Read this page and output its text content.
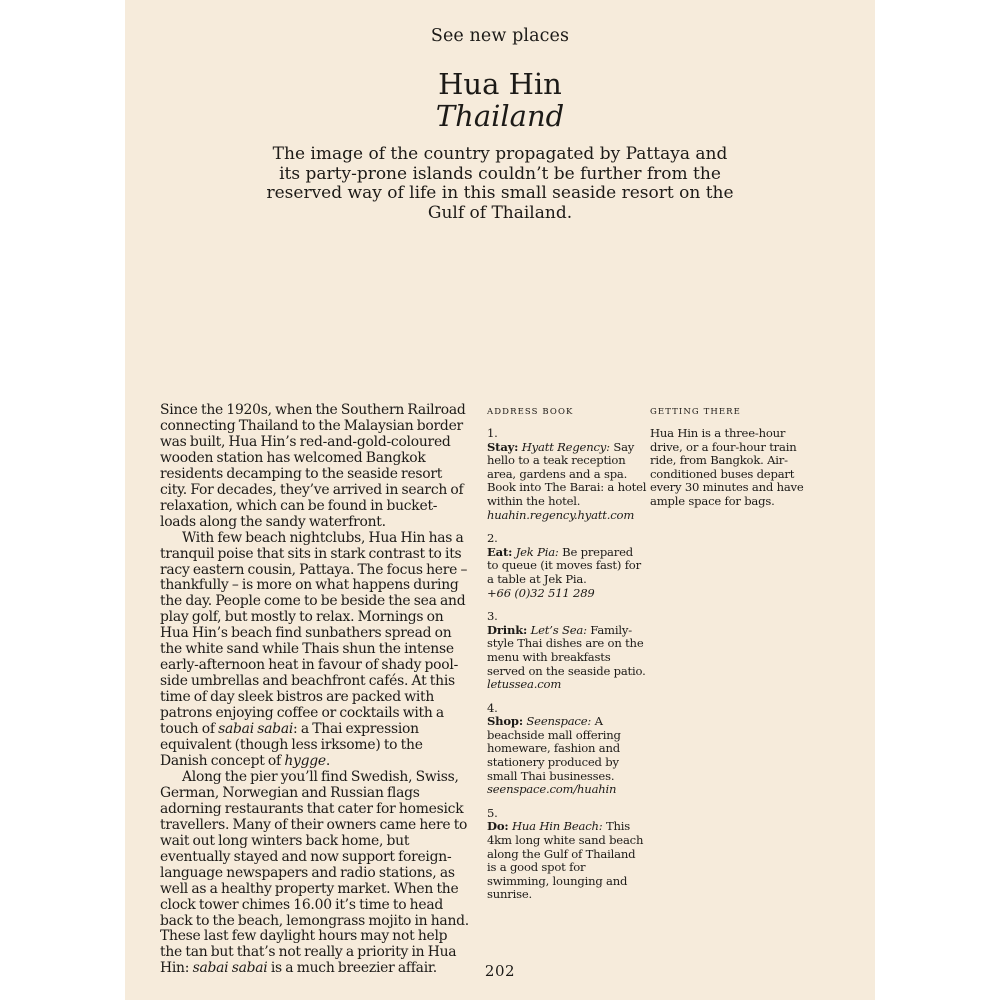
See new places
Hua Hin
Thailand
The image of the country propagated by Pattaya and its party-prone islands couldn’t be further from the reserved way of life in this small seaside resort on the Gulf of Thailand.

Since the 1920s, when the Southern Railroad connecting Thailand to the Malaysian border was built, Hua Hin’s red-and-gold-coloured wooden station has welcomed Bangkok residents decamping to the seaside resort city. For decades, they’ve arrived in search of relaxation, which can be found in bucket-loads along the sandy waterfront.

With few beach nightclubs, Hua Hin has a tranquil poise that sits in stark contrast to its racy eastern cousin, Pattaya. The focus here – thankfully – is more on what happens during the day. People come to be beside the sea and play golf, but mostly to relax. Mornings on Hua Hin’s beach find sunbathers spread on the white sand while Thais shun the intense early-afternoon heat in favour of shady pool-side umbrellas and beachfront cafés. At this time of day sleek bistros are packed with patrons enjoying coffee or cocktails with a touch of sabai sabai: a Thai expression equivalent (though less irksome) to the Danish concept of hygge.

Along the pier you’ll find Swedish, Swiss, German, Norwegian and Russian flags adorning restaurants that cater for homesick travellers. Many of their owners came here to wait out long winters back home, but eventually stayed and now support foreign-language newspapers and radio stations, as well as a healthy property market. When the clock tower chimes 16.00 it’s time to head back to the beach, lemongrass mojito in hand. These last few daylight hours may not help the tan but that’s not really a priority in Hua Hin: sabai sabai is a much breezier affair.

ADDRESS BOOK
1.
Stay: Hyatt Regency: Say hello to a teak reception area, gardens and a spa. Book into The Barai: a hotel within the hotel.
huahin.regency.hyatt.com
2.
Eat: Jek Pia: Be prepared to queue (it moves fast) for a table at Jek Pia.
+66 (0)32 511 289
3.
Drink: Let’s Sea: Family-style Thai dishes are on the menu with breakfasts served on the seaside patio.
letussea.com
4.
Shop: Seenspace: A beachside mall offering homeware, fashion and stationery produced by small Thai businesses.
seenspace.com/huahin
5.
Do: Hua Hin Beach: This 4km long white sand beach along the Gulf of Thailand is a good spot for swimming, lounging and sunrise.
GETTING THERE
Hua Hin is a three-hour drive, or a four-hour train ride, from Bangkok. Air-conditioned buses depart every 30 minutes and have ample space for bags.
202
